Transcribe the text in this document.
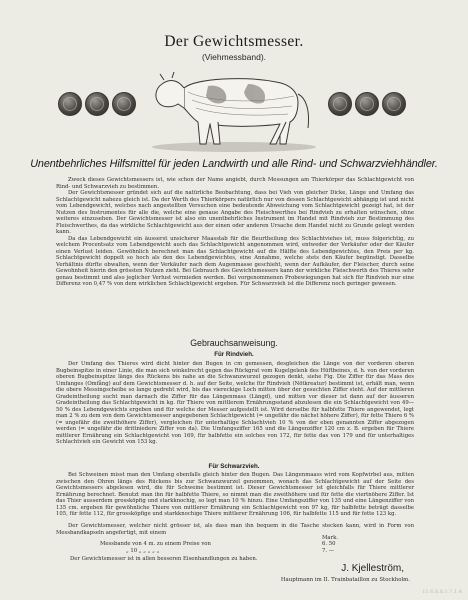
Der Gewichtsmesser.
(Viehmessband).
Unentbehrliches Hilfsmittel für jeden Landwirth und alle Rind- und Schwarzviehhändler.

Zweck dieses Gewichtsmessers ist, wie schon der Name angiebt, durch Messungen am Thierkörper das Schlachtgewicht von Rind- und Schwarzvieh zu bestimmen.

Der Gewichtsmesser gründet sich auf die natürliche Beobachtung, dass bei Vieh von gleicher Dicke, Länge und Umfang das Schlachtgewicht nahezu gleich ist. Da der Werth des Thierkörpers natürlich nur von dessen Schlachtgewicht abhängig ist und nicht vom Lebendgewicht, welches nach angestellten Versuchen eine bedeutende Abweichung vom Schlachtgewicht gezeigt hat, ist der Nutzen des Instrumentes für alle die, welche eine genaue Angabe des Fleischwerthes bei Rindvieh zu erhalten wünschen, ohne weiteres einzusehen. Der Gewichtsmesser ist also ein unentbehrliches Instrument im Handel mit Rindvieh zur Bestimmung des Fleischwerthes, da das wirkliche Schlachtgewicht aus der einen oder anderen Ursache dem Handel nicht zu Grunde gelegt werden kann.

Da das Lebendgewicht ein äusserst unsicherer Maasstab für die Beurtheilung des Schlachtviehes ist, muss folgerichtig, zu welchem Procentsatz vom Lebendgewicht auch das Schlachtgewicht angenommen wird, entweder der Verkäufer oder der Käufer einen Verlust leiden. Gewöhnlich berechnet man das Schlachtgewicht auf die Hälfte des Lebendgewichtes, den Preis per kg. Schlachtgewicht doppelt so hoch als den des Lebendgewichtes, eine Annahme, welche stets den Käufer begünstigt. Dasselbe Verhältnis dürfte obwalten, wenn der Verkäufer nach dem Augenmasse geschieht, wenn der Aufkäufer, der Fleischer, durch seine Gewohnheit hierin den grössten Nutzen zieht. Bei Gebrauch des Gewichtsmessers kann der wirkliche Fleischwerth des Thieres sehr genau bestimmt und also jeglicher Verlust vermieden werden. Bei vorgenommenen Probewiegungen hat sich für Rindvieh nur eine Differenz von 0,47 % von dem wirklichen Schlachtgewicht ergeben. Für Schwarzvieh ist die Differenz noch geringer gewesen.

Gebrauchsanweisung.
Für Rindvieh.

Der Umfang des Thieres wird dicht hinter den Bugen in cm gemessen, desgleichen die Länge von der vorderen oberen Bugbeinspitze in einer Linie, die man sich winkelrecht gegen das Rückgrat vom Kugelgelenk des Hüftbeines, d. h. von der vorderen oberen Bugbeinspitze längs des Rückens bis nahe an die Schwanzwurzel gezogen denkt, siehe Fig. Die Ziffer für das Mass des Umfanges (Omfång) auf dem Gewichtsmesser d. h. auf der Seite, welche für Rindvieh (Nötkreatur) bestimmt ist, erhält man, wenn die obere Messingscheibe so lange gedreht wird, bis das viereckige Loch mitten über der gesuchten Ziffer steht. Auf der mittleren Gradeintheilung sucht man darnach die Ziffer für das Längenmass (Längd), und mitten vor dieser ist dann auf der äusseren Gradeintheilung das Schlachtgewicht in kg. für Thiere von mittlerem Ernährungsstand abzulesen die ein Schlachtgewicht von 49—50 % des Lebendgewichts ergeben und für welche der Messer aufgestellt ist. Wird derselbe für halbfette Thiere angewendet, legt man 2 % zu dem von dem Gewichtsmesser angegebenen Schlachtgewicht (= ungefähr die nächst höhere Ziffer), für fette Thiere 6 % (= ungefähr die zweithöhere Ziffer), vergleichen für unterhaltige Schlachtvieh 10 % von der eben genannten Ziffer abgezogen werden (= ungefähr die drittniedere Ziffer von da). Die Umfangsziffer 165 und die Längenziffer 120 cm z. B. ergeben für Thiere mittlerer Ernährung ein Schlachtgewicht von 169, für halbfette ein solches von 172, für fette das von 179 und für unterhaltiges Schlachtvieh ein Gewicht von 153 kg.

Für Schwarzvieh.

Bei Schweinen misst man den Umfang ebenfalls gleich hinter den Bugen. Das Längenmaass wird vom Kopfwirbel aus, mitten zwischen den Ohren längs des Rückens bis zur Schwanzwurzel genommen, wonach das Schlachtgewicht auf der Seite des Gewichtsmessers abgelesen wird, die für Schweine bestimmt ist. Dieser Gewichtsmesser ist gleichfalls für Thiere mittlerer Ernährung berechnet. Benutzt man ihn für halbfette Thiere, so nimmt man die zweithöhere und für fette die viertnöhere Ziffer. Ist das Thier ausserdem grossköpfig und starkknochig, so legt man 10 % hinzu. Eine Umfangsziffer von 135 und eine Längenziffer von 135 cm. ergeben für gewöhnliche Thiere von mittlerer Ernährung ein Schlachtgewicht von 97 kg, für halbfette beträgt dasselbe 105, für fette 112, für grossköpfige und starkknochige Thiere mittlerer Ernährung 106, für halbfette 115 und für fette 123 kg.

Der Gewichtsmesser, welcher nicht grösser ist, als dass man ihn bequem in die Tasche stecken kann, wird in Form von Messbandkapseln angefertigt, mit einem

Mark.
Messbande von 4 m. zu einem Preise von	6. 50
„ 10 „ „ „ „ „	7. —
Der Gewichtsmesser ist in allen besseren Eisenhandlungen zu haben.
J. Kjelleström,
Hauptmann im II. Trainbataillon zu Stockholm.
11.6.8.6.1.7.1.4
